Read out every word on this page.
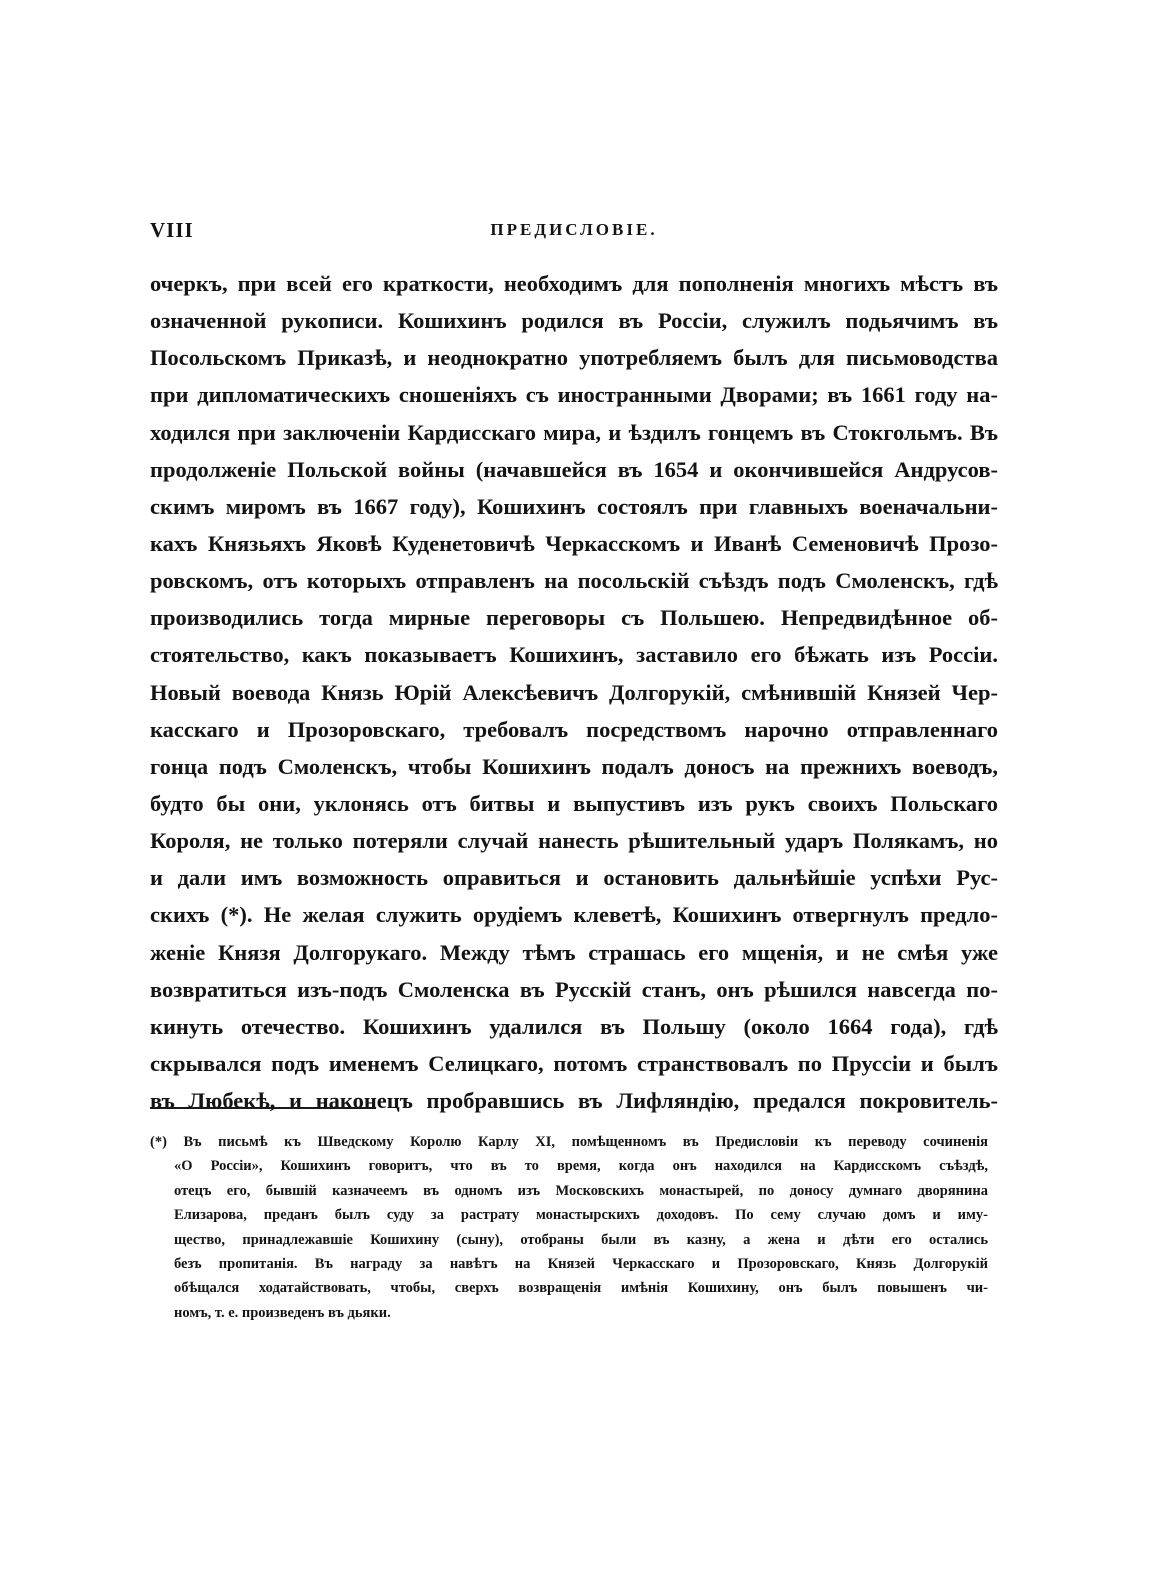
VIII	ПРЕДИСЛОВІЕ.
очеркъ, при всей его краткости, необходимъ для пополненія многихъ мѣстъ въ
означенной рукописи. Кошихинъ родился въ Россіи, служилъ подьячимъ въ
Посольскомъ Приказѣ, и неоднократно употребляемъ былъ для письмоводства
при дипломатическихъ сношеніяхъ съ иностранными Дворами; въ 1661 году на-
ходился при заключеніи Кардисскаго мира, и ѣздилъ гонцемъ въ Стокгольмъ. Въ
продолженіе Польской войны (начавшейся въ 1654 и окончившейся Андрусов-
скимъ миромъ въ 1667 году), Кошихинъ состоялъ при главныхъ военачальни-
кахъ Князьяхъ Яковѣ Куденетовичѣ Черкасскомъ и Иванѣ Семеновичѣ Прозо-
ровскомъ, отъ которыхъ отправленъ на посольскій съѣздъ подъ Смоленскъ, гдѣ
производились тогда мирные переговоры съ Польшею. Непредвидѣнное об-
стоятельство, какъ показываетъ Кошихинъ, заставило его бѣжать изъ Россіи.
Новый воевода Князь Юрій Алексѣевичъ Долгорукій, смѣнившій Князей Чер-
касскаго и Прозоровскаго, требовалъ посредствомъ нарочно отправленнаго
гонца подъ Смоленскъ, чтобы Кошихинъ подалъ доносъ на прежнихъ воеводъ,
будто бы они, уклонясь отъ битвы и выпустивъ изъ рукъ своихъ Польскаго
Короля, не только потеряли случай нанесть рѣшительный ударъ Полякамъ, но
и дали имъ возможность оправиться и остановить дальнѣйшіе успѣхи Рус-
скихъ (*). Не желая служить орудіемъ клеветѣ, Кошихинъ отвергнулъ предло-
женіе Князя Долгорукаго. Между тѣмъ страшась его мщенія, и не смѣя уже
возвратиться изъ-подъ Смоленска въ Русскій станъ, онъ рѣшился навсегда по-
кинуть отечество. Кошихинъ удалился въ Польшу (около 1664 года), гдѣ
скрывался подъ именемъ Селицкаго, потомъ странствовалъ по Пруссіи и былъ
въ Любекѣ, и наконецъ пробравшись въ Лифляндію, предался покровитель-
(*) Въ письмѣ къ Шведскому Королю Карлу XI, помѣщенномъ въ Предисловіи къ переводу сочиненія
«О Россіи», Кошихинъ говоритъ, что въ то время, когда онъ находился на Кардисскомъ съѣздѣ,
отецъ его, бывшій казначеемъ въ одномъ изъ Московскихъ монастырей, по доносу думнаго дворянина
Елизарова, преданъ былъ суду за растрату монастырскихъ доходовъ. По сему случаю домъ и иму-
щество, принадлежавшіе Кошихину (сыну), отобраны были въ казну, а жена и дѣти его остались
безъ пропитанія. Въ награду за навѣтъ на Князей Черкасскаго и Прозоровскаго, Князь Долгорукій
обѣщался ходатайствовать, чтобы, сверхъ возвращенія имѣнія Кошихину, онъ былъ повышенъ чи-
номъ, т. е. произведенъ въ дьяки.
